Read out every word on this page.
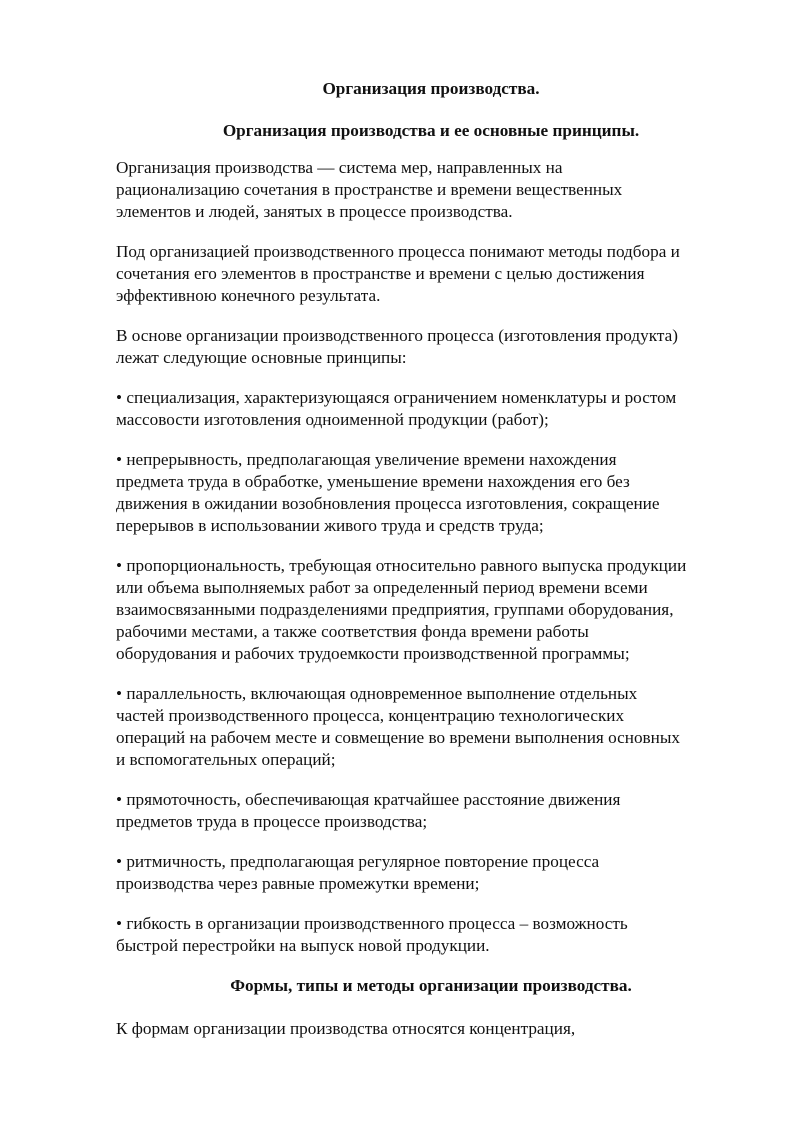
Организация производства.

Организация производства и ее основные принципы.

Организация производства — система мер, направленных на
рационализацию сочетания в пространстве и времени вещественных
элементов и людей, занятых в процессе производства.

Под организацией производственного процесса понимают методы подбора и
сочетания его элементов в пространстве и времени с целью достижения
эффективною конечного результата.

В основе организации производственного процесса (изготовления продукта)
лежат следующие основные принципы:

• специализация, характеризующаяся ограничением номенклатуры и ростом
массовости изготовления одноименной продукции (работ);

• непрерывность, предполагающая увеличение времени нахождения
предмета труда в обработке, уменьшение времени нахождения его без
движения в ожидании возобновления процесса изготовления, сокращение
перерывов в использовании живого труда и средств труда;

• пропорциональность, требующая относительно равного выпуска продукции
или объема выполняемых работ за определенный период времени всеми
взаимосвязанными подразделениями предприятия, группами оборудования,
рабочими местами, а также соответствия фонда времени работы
оборудования и рабочих трудоемкости производственной программы;

• параллельность, включающая одновременное выполнение отдельных
частей производственного процесса, концентрацию технологических
операций на рабочем месте и совмещение во времени выполнения основных
и вспомогательных операций;

• прямоточность, обеспечивающая кратчайшее расстояние движения
предметов труда в процессе производства;

• ритмичность, предполагающая регулярное повторение процесса
производства через равные промежутки времени;

• гибкость в организации производственного процесса – возможность
быстрой перестройки на выпуск новой продукции.

Формы, типы и методы организации производства.

К формам организации производства относятся концентрация,
